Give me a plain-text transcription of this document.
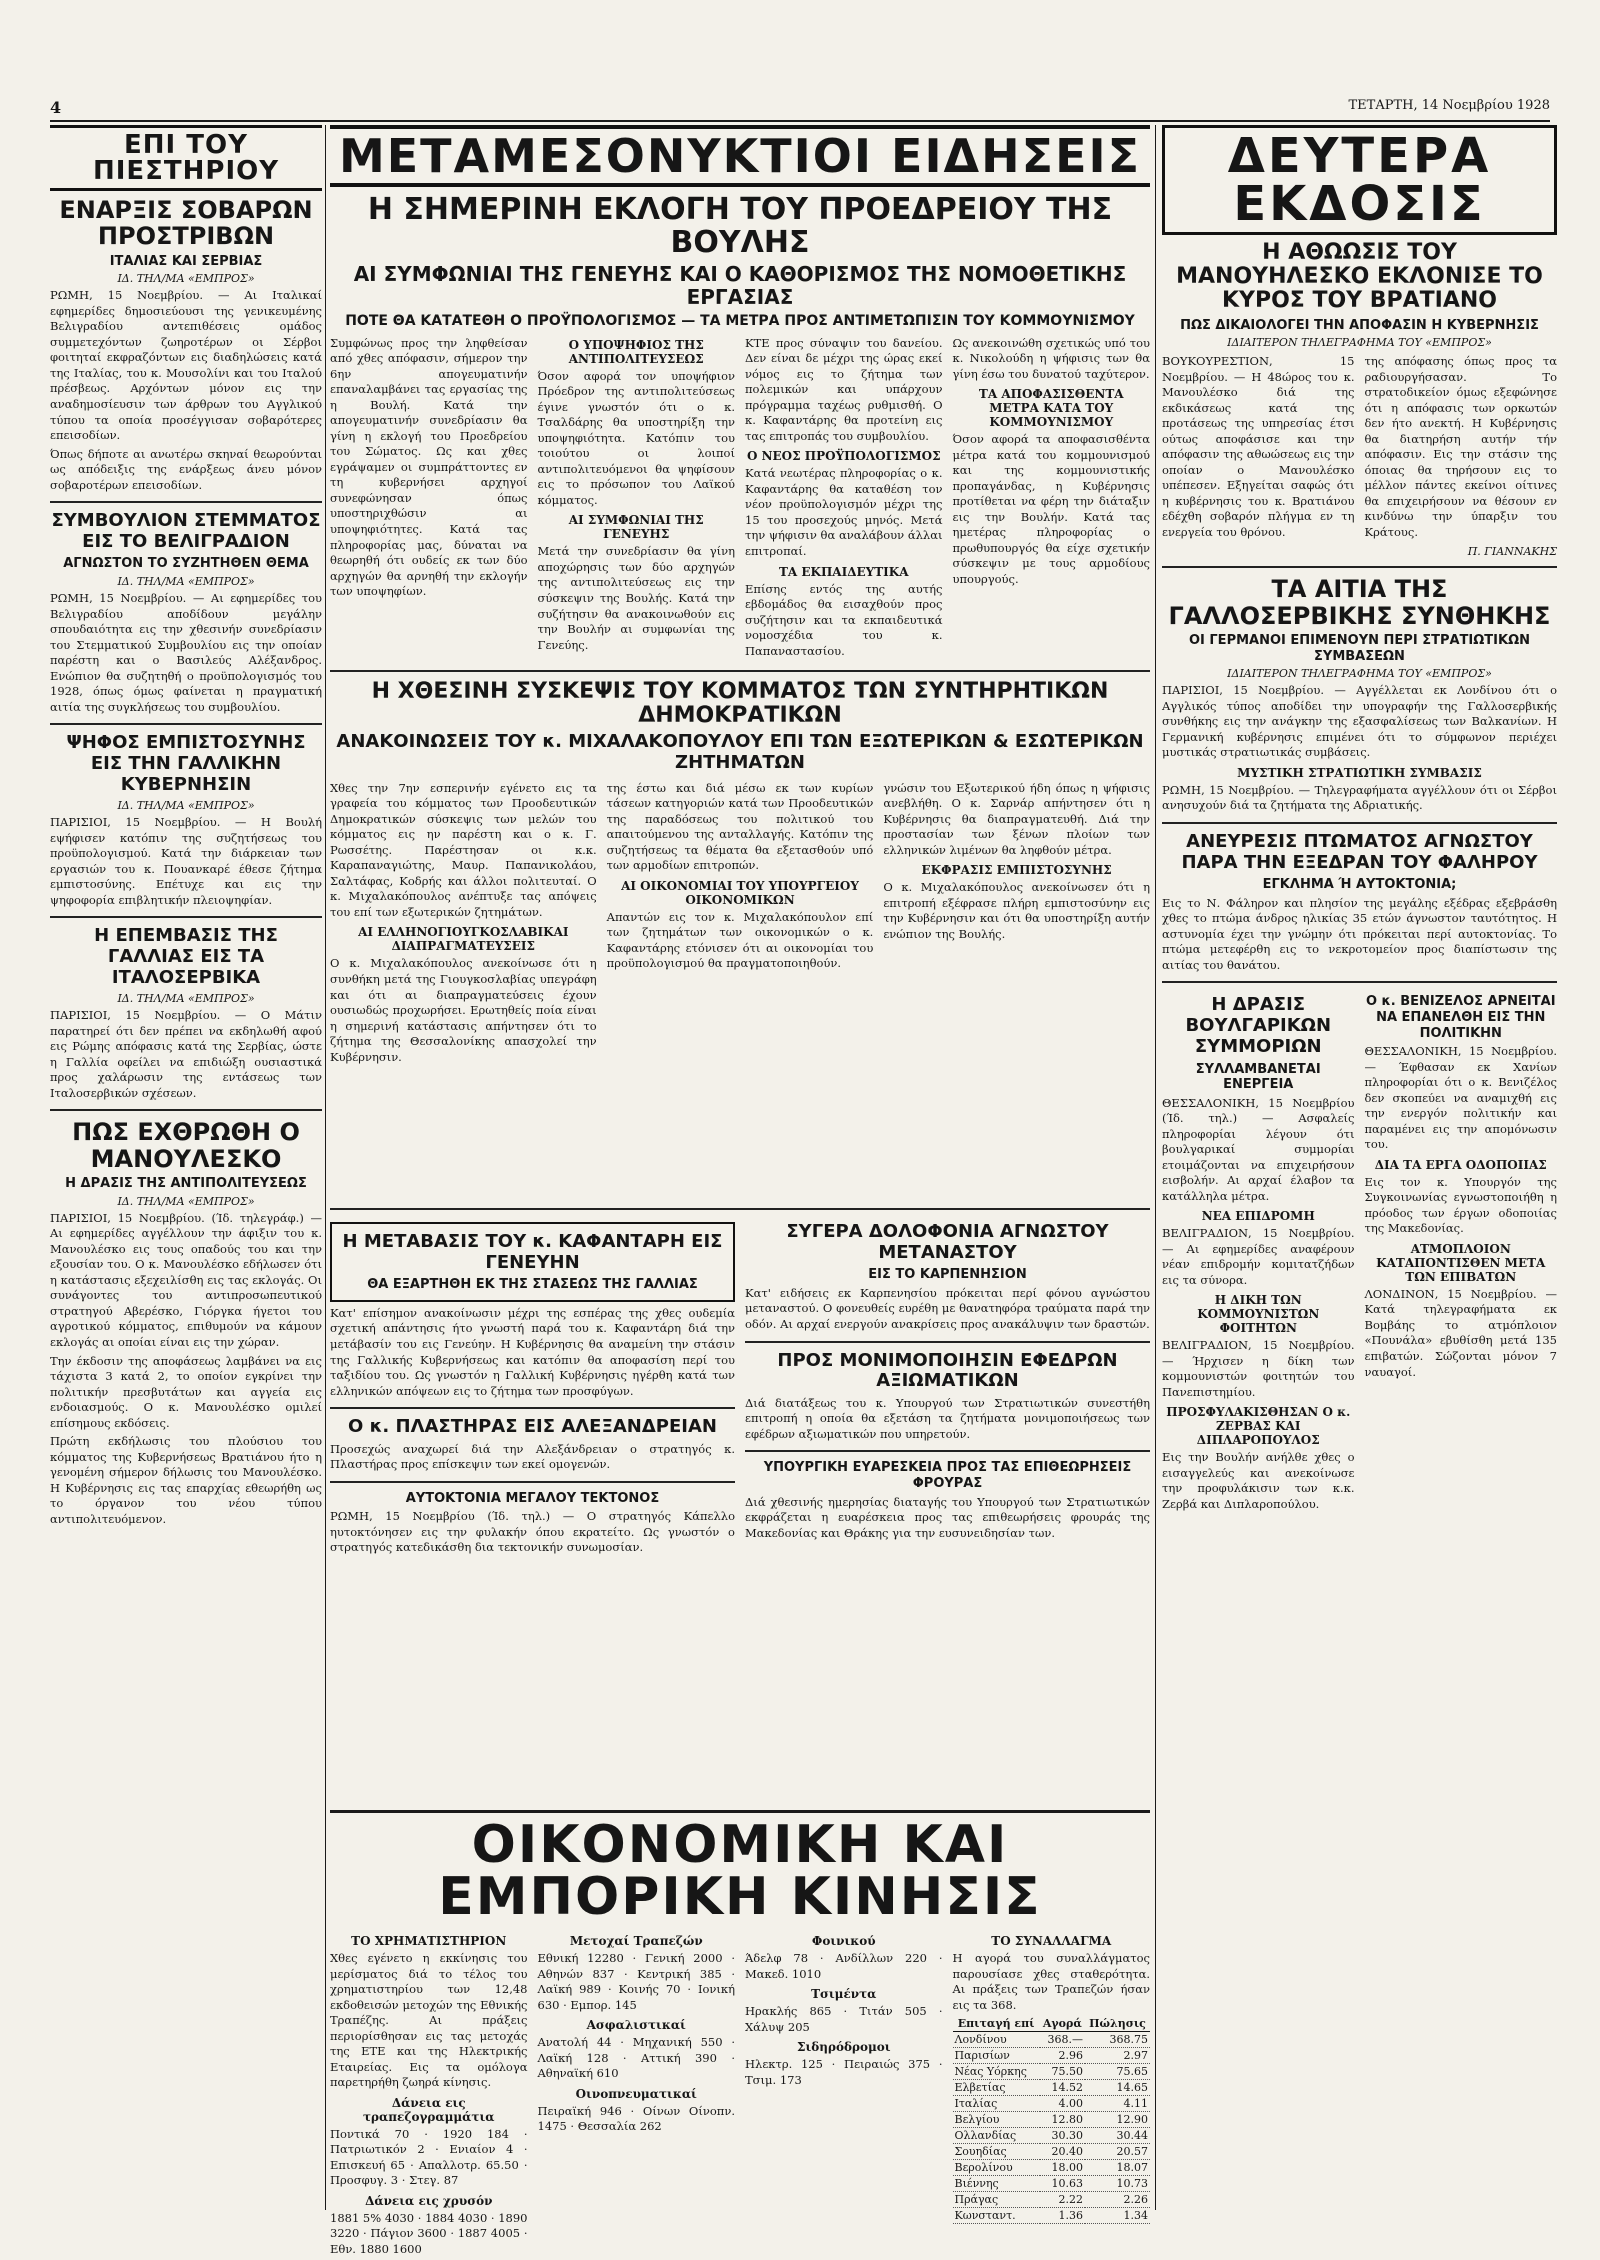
4	ΤΕΤΑΡΤΗ, 14 Νοεμβρίου 1928
ΕΠΙ ΤΟΥ ΠΙΕΣΤΗΡΙΟΥ
ΕΝΑΡΞΙΣ ΣΟΒΑΡΩΝ ΠΡΟΣΤΡΙΒΩΝ
ΙΤΑΛΙΑΣ ΚΑΙ ΣΕΡΒΙΑΣ
ΙΔ. ΤΗΛ/ΜΑ «ΕΜΠΡΟΣ»
ΡΩΜΗ, 15 Νοεμβρίου. — Αι Ιταλικαί εφημερίδες δημοσιεύουσι της γενικευμένης Βελιγραδίου αντεπιθέσεις ομάδος συμμετεχόντων ζωηροτέρων οι Σέρβοι φοιτηταί εκφραζόντων εις διαδηλώσεις κατά της Ιταλίας, του κ. Μουσολίνι και του Ιταλού πρέσβεως. Αρχόντων μόνον εις την αναδημοσίευσιν των άρθρων του Αγγλικού τύπου τα οποία προσέγγισαν σοβαρότερες επεισοδίων.
Όπως δήποτε αι ανωτέρω σκηναί θεωρούνται ως απόδειξις της ενάρξεως άνευ μόνον σοβαροτέρων επεισοδίων.
ΣΥΜΒΟΥΛΙΟΝ ΣΤΕΜΜΑΤΟΣ ΕΙΣ ΤΟ ΒΕΛΙΓΡΑΔΙΟΝ
ΑΓΝΩΣΤΟΝ ΤΟ ΣΥΖΗΤΗΘΕΝ ΘΕΜΑ
ΙΔ. ΤΗΛ/ΜΑ «ΕΜΠΡΟΣ»
ΡΩΜΗ, 15 Νοεμβρίου. — Αι εφημερίδες του Βελιγραδίου αποδίδουν μεγάλην σπουδαιότητα εις την χθεσινήν συνεδρίασιν του Στεμματικού Συμβουλίου εις την οποίαν παρέστη και ο Βασιλεύς Αλέξανδρος. Ενώπιον θα συζητηθή ο προϋπολογισμός του 1928, όπως όμως φαίνεται η πραγματική αιτία της συγκλήσεως του συμβουλίου.
ΨΗΦΟΣ ΕΜΠΙΣΤΟΣΥΝΗΣ ΕΙΣ ΤΗΝ ΓΑΛΛΙΚΗΝ ΚΥΒΕΡΝΗΣΙΝ
ΙΔ. ΤΗΛ/ΜΑ «ΕΜΠΡΟΣ»
ΠΑΡΙΣΙΟΙ, 15 Νοεμβρίου. — Η Βουλή εψήφισεν κατόπιν της συζητήσεως του προϋπολογισμού. Κατά την διάρκειαν των εργασιών του κ. Πουανκαρέ έθεσε ζήτημα εμπιστοσύνης. Επέτυχε και εις την ψηφοφορία επιβλητικήν πλειοψηφίαν.
Η ΕΠΕΜΒΑΣΙΣ ΤΗΣ ΓΑΛΛΙΑΣ ΕΙΣ ΤΑ ΙΤΑΛΟΣΕΡΒΙΚΑ
ΙΔ. ΤΗΛ/ΜΑ «ΕΜΠΡΟΣ»
ΠΑΡΙΣΙΟΙ, 15 Νοεμβρίου. — Ο Μάτιν παρατηρεί ότι δεν πρέπει να εκδηλωθή αφού εις Ρώμης απόφασις κατά της Σερβίας, ώστε η Γαλλία οφείλει να επιδιώξη ουσιαστικά προς χαλάρωσιν της εντάσεως των Ιταλοσερβικών σχέσεων.
ΠΩΣ ΕΧΘΡΩΘΗ Ο ΜΑΝΟΥΛΕΣΚΟ
Η ΔΡΑΣΙΣ ΤΗΣ ΑΝΤΙΠΟΛΙΤΕΥΣΕΩΣ
ΙΔ. ΤΗΛ/ΜΑ «ΕΜΠΡΟΣ»
ΠΑΡΙΣΙΟΙ, 15 Νοεμβρίου. (Ίδ. τηλεγράφ.) — Αι εφημερίδες αγγέλλουν την άφιξιν του κ. Μανουλέσκο εις τους οπαδούς του και την εξουσίαν του. Ο κ. Μανουλέσκο εδήλωσεν ότι η κατάστασις εξεχειλίσθη εις τας εκλογάς. Οι συνάγοντες του αντιπροσωπευτικού στρατηγού Αβερέσκο, Γιόργκα ήγετοι του αγροτικού κόμματος, επιθυμούν να κάμουν εκλογάς αι οποίαι είναι εις την χώραν.
Την έκδοσιν της αποφάσεως λαμβάνει να εις τάχιστα 3 κατά 2, το οποίον εγκρίνει την πολιτικήν πρεσβυτάτων και αγγεία εις ενδοιασμούς. Ο κ. Μανουλέσκο ομιλεί επίσημους εκδόσεις.
Πρώτη εκδήλωσις του πλούσιου του κόμματος της Κυβερνήσεως Βρατιάνου ήτο η γενομένη σήμερον δήλωσις του Μανουλέσκο. Η Κυβέρνησις εις τας επαρχίας εθεωρήθη ως το όργανον του νέου τύπου αντιπολιτευόμενον.
ΜΕΤΑΜΕΣΟΝΥΚΤΙΟΙ ΕΙΔΗΣΕΙΣ
Η ΣΗΜΕΡΙΝΗ ΕΚΛΟΓΗ ΤΟΥ ΠΡΟΕΔΡΕΙΟΥ ΤΗΣ ΒΟΥΛΗΣ
ΑΙ ΣΥΜΦΩΝΙΑΙ ΤΗΣ ΓΕΝΕΥΗΣ ΚΑΙ Ο ΚΑΘΟΡΙΣΜΟΣ ΤΗΣ ΝΟΜΟΘΕΤΙΚΗΣ ΕΡΓΑΣΙΑΣ
ΠΟΤΕ ΘΑ ΚΑΤΑΤΕΘΗ Ο ΠΡΟΫΠΟΛΟΓΙΣΜΟΣ — ΤΑ ΜΕΤΡΑ ΠΡΟΣ ΑΝΤΙΜΕΤΩΠΙΣΙΝ ΤΟΥ ΚΟΜΜΟΥΝΙΣΜΟΥ
Συμφώνως προς την ληφθείσαν από χθες απόφασιν, σήμερον την 6ην απογευματινήν επαναλαμβάνει τας εργασίας της η Βουλή. Κατά την απογευματινήν συνεδρίασιν θα γίνη η εκλογή του Προεδρείου του Σώματος. Ως και χθες εγράψαμεν οι συμπράττοντες εν τη κυβερνήσει αρχηγοί συνεφώνησαν όπως υποστηριχθώσιν αι υποψηφιότητες. Κατά τας πληροφορίας μας, δύναται να θεωρηθή ότι ουδείς εκ των δύο αρχηγών θα αρνηθή την εκλογήν των υποψηφίων.
Ο ΥΠΟΨΗΦΙΟΣ ΤΗΣ ΑΝΤΙΠΟΛΙΤΕΥΣΕΩΣ
Όσον αφορά τον υποψήφιον Πρόεδρον της αντιπολιτεύσεως έγινε γνωστόν ότι ο κ. Τσαλδάρης θα υποστηρίξη την υποψηφιότητα. Κατόπιν του τοιούτου οι λοιποί αντιπολιτευόμενοι θα ψηφίσουν εις το πρόσωπον του Λαϊκού κόμματος.
ΑΙ ΣΥΜΦΩΝΙΑΙ ΤΗΣ ΓΕΝΕΥΗΣ
Μετά την συνεδρίασιν θα γίνη αποχώρησις των δύο αρχηγών της αντιπολιτεύσεως εις την σύσκεψιν της Βουλής. Κατά την συζήτησιν θα ανακοινωθούν εις την Βουλήν αι συμφωνίαι της Γενεύης.
ΚΤΕ προς σύναψιν του δανείου. Δεν είναι δε μέχρι της ώρας εκεί νόμος εις το ζήτημα των πολεμικών και υπάρχουν πρόγραμμα ταχέως ρυθμισθή. Ο κ. Καφαντάρης θα προτείνη εις τας επιτροπάς του συμβουλίου.
Ο ΝΕΟΣ ΠΡΟΫΠΟΛΟΓΙΣΜΟΣ
Κατά νεωτέρας πληροφορίας ο κ. Καφαντάρης θα καταθέση τον νέον προϋπολογισμόν μέχρι της 15 του προσεχούς μηνός. Μετά την ψήφισιν θα αναλάβουν άλλαι επιτροπαί.
ΤΑ ΕΚΠΑΙΔΕΥΤΙΚΑ
Επίσης εντός της αυτής εβδομάδος θα εισαχθούν προς συζήτησιν και τα εκπαιδευτικά νομοσχέδια του κ. Παπαναστασίου.
Ως ανεκοινώθη σχετικώς υπό του κ. Νικολούδη η ψήφισις των θα γίνη έσω του δυνατού ταχύτερον.
ΤΑ ΑΠΟΦΑΣΙΣΘΕΝΤΑ ΜΕΤΡΑ ΚΑΤΑ ΤΟΥ ΚΟΜΜΟΥΝΙΣΜΟΥ
Όσον αφορά τα αποφασισθέντα μέτρα κατά του κομμουνισμού και της κομμουνιστικής προπαγάνδας, η Κυβέρνησις προτίθεται να φέρη την διάταξιν εις την Βουλήν. Κατά τας ημετέρας πληροφορίας ο πρωθυπουργός θα είχε σχετικήν σύσκεψιν με τους αρμοδίους υπουργούς.
Η ΧΘΕΣΙΝΗ ΣΥΣΚΕΨΙΣ ΤΟΥ ΚΟΜΜΑΤΟΣ ΤΩΝ ΣΥΝΤΗΡΗΤΙΚΩΝ ΔΗΜΟΚΡΑΤΙΚΩΝ
ΑΝΑΚΟΙΝΩΣΕΙΣ ΤΟΥ κ. ΜΙΧΑΛΑΚΟΠΟΥΛΟΥ ΕΠΙ ΤΩΝ ΕΞΩΤΕΡΙΚΩΝ & ΕΣΩΤΕΡΙΚΩΝ ΖΗΤΗΜΑΤΩΝ
Χθες την 7ην εσπερινήν εγένετο εις τα γραφεία του κόμματος των Προοδευτικών Δημοκρατικών σύσκεψις των μελών του κόμματος εις ην παρέστη και ο κ. Γ. Ρωσσέτης. Παρέστησαν οι κ.κ. Καραπαναγιώτης, Μαυρ. Παπανικολάου, Σαλτάφας, Κοδρής και άλλοι πολιτευταί. Ο κ. Μιχαλακόπουλος ανέπτυξε τας απόψεις του επί των εξωτερικών ζητημάτων.
ΑΙ ΕΛΛΗΝΟΓΙΟΥΓΚΟΣΛΑΒΙΚΑΙ ΔΙΑΠΡΑΓΜΑΤΕΥΣΕΙΣ
Ο κ. Μιχαλακόπουλος ανεκοίνωσε ότι η συνθήκη μετά της Γιουγκοσλαβίας υπεγράφη και ότι αι διαπραγματεύσεις έχουν ουσιωδώς προχωρήσει. Ερωτηθείς ποία είναι η σημερινή κατάστασις απήντησεν ότι το ζήτημα της Θεσσαλονίκης απασχολεί την Κυβέρνησιν.
της έστω και διά μέσω εκ των κυρίων τάσεων κατηγοριών κατά των Προοδευτικών της παραδόσεως του πολιτικού του απαιτούμενου της ανταλλαγής. Κατόπιν της συζητήσεως τα θέματα θα εξετασθούν υπό των αρμοδίων επιτροπών.
ΑΙ ΟΙΚΟΝΟΜΙΑΙ ΤΟΥ ΥΠΟΥΡΓΕΙΟΥ ΟΙΚΟΝΟΜΙΚΩΝ
Απαντών εις τον κ. Μιχαλακόπουλον επί των ζητημάτων των οικονομικών ο κ. Καφαντάρης ετόνισεν ότι αι οικονομίαι του προϋπολογισμού θα πραγματοποιηθούν.
γνώσιν του Εξωτερικού ήδη όπως η ψήφισις ανεβλήθη. Ο κ. Σαρνάρ απήντησεν ότι η Κυβέρνησις θα διαπραγματευθή. Διά την προστασίαν των ξένων πλοίων των ελληνικών λιμένων θα ληφθούν μέτρα.
ΕΚΦΡΑΣΙΣ ΕΜΠΙΣΤΟΣΥΝΗΣ
Ο κ. Μιχαλακόπουλος ανεκοίνωσεν ότι η επιτροπή εξέφρασε πλήρη εμπιστοσύνην εις την Κυβέρνησιν και ότι θα υποστηρίξη αυτήν ενώπιον της Βουλής.
Η ΜΕΤΑΒΑΣΙΣ ΤΟΥ κ. ΚΑΦΑΝΤΑΡΗ ΕΙΣ ΓΕΝΕΥΗΝ
ΘΑ ΕΞΑΡΤΗΘΗ ΕΚ ΤΗΣ ΣΤΑΣΕΩΣ ΤΗΣ ΓΑΛΛΙΑΣ
Κατ' επίσημον ανακοίνωσιν μέχρι της εσπέρας της χθες ουδεμία σχετική απάντησις ήτο γνωστή παρά του κ. Καφαντάρη διά την μετάβασίν του εις Γενεύην. Η Κυβέρνησις θα αναμείνη την στάσιν της Γαλλικής Κυβερνήσεως και κατόπιν θα αποφασίση περί του ταξιδίου του. Ως γνωστόν η Γαλλική Κυβέρνησις ηγέρθη κατά των ελληνικών απόψεων εις το ζήτημα των προσφύγων.
Ο κ. ΠΛΑΣΤΗΡΑΣ ΕΙΣ ΑΛΕΞΑΝΔΡΕΙΑΝ
Προσεχώς αναχωρεί διά την Αλεξάνδρειαν ο στρατηγός κ. Πλαστήρας προς επίσκεψιν των εκεί ομογενών.
ΑΥΤΟΚΤΟΝΙΑ ΜΕΓΑΛΟΥ ΤΕΚΤΟΝΟΣ
ΡΩΜΗ, 15 Νοεμβρίου (Ίδ. τηλ.) — Ο στρατηγός Κάπελλο ηυτοκτόνησεν εις την φυλακήν όπου εκρατείτο. Ως γνωστόν ο στρατηγός κατεδικάσθη δια τεκτονικήν συνωμοσίαν.
ΣΥΓΕΡΑ ΔΟΛΟΦΟΝΙΑ ΑΓΝΩΣΤΟΥ ΜΕΤΑΝΑΣΤΟΥ
ΕΙΣ ΤΟ ΚΑΡΠΕΝΗΣΙΟΝ
Κατ' ειδήσεις εκ Καρπενησίου πρόκειται περί φόνου αγνώστου μεταναστού. Ο φονευθείς ευρέθη με θανατηφόρα τραύματα παρά την οδόν. Αι αρχαί ενεργούν ανακρίσεις προς ανακάλυψιν των δραστών.
ΠΡΟΣ ΜΟΝΙΜΟΠΟΙΗΣΙΝ ΕΦΕΔΡΩΝ ΑΞΙΩΜΑΤΙΚΩΝ
Διά διατάξεως του κ. Υπουργού των Στρατιωτικών συνεστήθη επιτροπή η οποία θα εξετάση τα ζητήματα μονιμοποιήσεως των εφέδρων αξιωματικών που υπηρετούν.
ΥΠΟΥΡΓΙΚΗ ΕΥΑΡΕΣΚΕΙΑ ΠΡΟΣ ΤΑΣ ΕΠΙΘΕΩΡΗΣΕΙΣ ΦΡΟΥΡΑΣ
Διά χθεσινής ημερησίας διαταγής του Υπουργού των Στρατιωτικών εκφράζεται η ευαρέσκεια προς τας επιθεωρήσεις φρουράς της Μακεδονίας και Θράκης για την ευσυνειδησίαν των.
ΔΕΥΤΕΡΑ ΕΚΔΟΣΙΣ
Η ΑΘΩΩΣΙΣ ΤΟΥ ΜΑΝΟΥΗΛΕΣΚΟ ΕΚΛΟΝΙΣΕ ΤΟ ΚΥΡΟΣ ΤΟΥ ΒΡΑΤΙΑΝΟ
ΠΩΣ ΔΙΚΑΙΟΛΟΓΕΙ ΤΗΝ ΑΠΟΦΑΣΙΝ Η ΚΥΒΕΡΝΗΣΙΣ
ΙΔΙΑΙΤΕΡΟΝ ΤΗΛΕΓΡΑΦΗΜΑ ΤΟΥ «ΕΜΠΡΟΣ»
ΒΟΥΚΟΥΡΕΣΤΙΟΝ, 15 Νοεμβρίου. — Η 48ώρος του κ. Μανουλέσκο διά της εκδικάσεως κατά της προτάσεως της υπηρεσίας έτσι ούτως αποφάσισε και την απόφασιν της αθωώσεως εις την οποίαν ο Μανουλέσκο υπέπεσεν. Εξηγείται σαφώς ότι η κυβέρνησις του κ. Βρατιάνου εδέχθη σοβαρόν πλήγμα εν τη ενεργεία του θρόνου.
της απόφασης όπως προς τα ραδιουργήσασαν. Το στρατοδικείον όμως εξεφώνησε ότι η απόφασις των ορκωτών δεν ήτο ανεκτή. Η Κυβέρνησις θα διατηρήση αυτήν τήν απόφασιν. Εις την στάσιν της όποιας θα τηρήσουν εις το μέλλον πάντες εκείνοι οίτινες θα επιχειρήσουν να θέσουν εν κινδύνω την ύπαρξιν του Κράτους.
Π. ΓΙΑΝΝΑΚΗΣ
ΤΑ ΑΙΤΙΑ ΤΗΣ ΓΑΛΛΟΣΕΡΒΙΚΗΣ ΣΥΝΘΗΚΗΣ
ΟΙ ΓΕΡΜΑΝΟΙ ΕΠΙΜΕΝΟΥΝ ΠΕΡΙ ΣΤΡΑΤΙΩΤΙΚΩΝ ΣΥΜΒΑΣΕΩΝ
ΙΔΙΑΙΤΕΡΟΝ ΤΗΛΕΓΡΑΦΗΜΑ ΤΟΥ «ΕΜΠΡΟΣ»
ΠΑΡΙΣΙΟΙ, 15 Νοεμβρίου. — Αγγέλλεται εκ Λονδίνου ότι ο Αγγλικός τύπος αποδίδει την υπογραφήν της Γαλλοσερβικής συνθήκης εις την ανάγκην της εξασφαλίσεως των Βαλκανίων. Η Γερμανική κυβέρνησις επιμένει ότι το σύμφωνον περιέχει μυστικάς στρατιωτικάς συμβάσεις.
ΜΥΣΤΙΚΗ ΣΤΡΑΤΙΩΤΙΚΗ ΣΥΜΒΑΣΙΣ
ΡΩΜΗ, 15 Νοεμβρίου. — Τηλεγραφήματα αγγέλλουν ότι οι Σέρβοι ανησυχούν διά τα ζητήματα της Αδριατικής.
ΑΝΕΥΡΕΣΙΣ ΠΤΩΜΑΤΟΣ ΑΓΝΩΣΤΟΥ ΠΑΡΑ ΤΗΝ ΕΞΕΔΡΑΝ ΤΟΥ ΦΑΛΗΡΟΥ
ΕΓΚΛΗΜΑ Ή ΑΥΤΟΚΤΟΝΙΑ;
Εις το Ν. Φάληρον και πλησίον της μεγάλης εξέδρας εξεβράσθη χθες το πτώμα άνδρος ηλικίας 35 ετών άγνωστον ταυτότητος. Η αστυνομία έχει την γνώμην ότι πρόκειται περί αυτοκτονίας. Το πτώμα μετεφέρθη εις το νεκροτομείον προς διαπίστωσιν της αιτίας του θανάτου.
Η ΔΡΑΣΙΣ ΒΟΥΛΓΑΡΙΚΩΝ ΣΥΜΜΟΡΙΩΝ
ΣΥΛΛΑΜΒΑΝΕΤΑΙ ΕΝΕΡΓΕΙΑ
ΘΕΣΣΑΛΟΝΙΚΗ, 15 Νοεμβρίου (Ίδ. τηλ.) — Ασφαλείς πληροφορίαι λέγουν ότι βουλγαρικαί συμμορίαι ετοιμάζονται να επιχειρήσουν εισβολήν. Αι αρχαί έλαβον τα κατάλληλα μέτρα.
ΝΕΑ ΕΠΙΔΡΟΜΗ
ΒΕΛΙΓΡΑΔΙΟΝ, 15 Νοεμβρίου. — Αι εφημερίδες αναφέρουν νέαν επιδρομήν κομιτατζήδων εις τα σύνορα.
Η ΔΙΚΗ ΤΩΝ ΚΟΜΜΟΥΝΙΣΤΩΝ ΦΟΙΤΗΤΩΝ
ΒΕΛΙΓΡΑΔΙΟΝ, 15 Νοεμβρίου. — Ήρχισεν η δίκη των κομμουνιστών φοιτητών του Πανεπιστημίου.
ΠΡΟΣΦΥΛΑΚΙΣΘΗΣΑΝ Ο κ. ΖΕΡΒΑΣ ΚΑΙ ΔΙΠΛΑΡΟΠΟΥΛΟΣ
Εις την Βουλήν ανήλθε χθες ο εισαγγελεύς και ανεκοίνωσε την προφυλάκισιν των κ.κ. Ζερβά και Διπλαροπούλου.
Ο κ. ΒΕΝΙΖΕΛΟΣ ΑΡΝΕΙΤΑΙ ΝΑ ΕΠΑΝΕΛΘΗ ΕΙΣ ΤΗΝ ΠΟΛΙΤΙΚΗΝ
ΘΕΣΣΑΛΟΝΙΚΗ, 15 Νοεμβρίου. — Έφθασαν εκ Χανίων πληροφορίαι ότι ο κ. Βενιζέλος δεν σκοπεύει να αναμιχθή εις την ενεργόν πολιτικήν και παραμένει εις την απομόνωσιν του.
ΔΙΑ ΤΑ ΕΡΓΑ ΟΔΟΠΟΙΙΑΣ
Εις τον κ. Υπουργόν της Συγκοινωνίας εγνωστοποιήθη η πρόοδος των έργων οδοποιίας της Μακεδονίας.
ΑΤΜΟΠΛΟΙΟΝ ΚΑΤΑΠΟΝΤΙΣΘΕΝ ΜΕΤΑ ΤΩΝ ΕΠΙΒΑΤΩΝ
ΛΟΝΔΙΝΟΝ, 15 Νοεμβρίου. — Κατά τηλεγραφήματα εκ Βομβάης το ατμόπλοιον «Πουνάλα» εβυθίσθη μετά 135 επιβατών. Σώζονται μόνον 7 ναυαγοί.
ΟΙΚΟΝΟΜΙΚΗ ΚΑΙ ΕΜΠΟΡΙΚΗ ΚΙΝΗΣΙΣ
ΤΟ ΧΡΗΜΑΤΙΣΤΗΡΙΟΝ
Χθες εγένετο η εκκίνησις του μερίσματος διά το τέλος του χρηματιστηρίου των 12,48 εκδοθεισών μετοχών της Εθνικής Τραπέζης. Αι πράξεις περιορίσθησαν εις τας μετοχάς της ΕΤΕ και της Ηλεκτρικής Εταιρείας. Εις τα ομόλογα παρετηρήθη ζωηρά κίνησις.
Δάνεια εις τραπεζογραμμάτια
Ποντικά 70 · 1920 184 · Πατριωτικόν 2 · Ενιαίον 4 · Επισκευή 65 · Απαλλοτρ. 65.50 · Προσφυγ. 3 · Στεγ. 87
Δάνεια εις χρυσόν
1881 5% 4030 · 1884 4030 · 1890 3220 · Πάγιον 3600 · 1887 4005 · Εθν. 1880 1600
Μετοχαί Τραπεζών
Εθνική 12280 · Γενική 2000 · Αθηνών 837 · Κεντρική 385 · Λαϊκή 989 · Κοινής 70 · Ιονική 630 · Εμπορ. 145
Ασφαλιστικαί
Ανατολή 44 · Μηχανική 550 · Λαϊκή 128 · Αττική 390 · Αθηναϊκή 610
Οινοπνευματικαί
Πειραϊκή 946 · Οίνων Οίνοπν. 1475 · Θεσσαλία 262
Φοινικού
Άδελφ 78 · Ανδίλλων 220 · Μακεδ. 1010
Τσιμέντα
Ηρακλής 865 · Τιτάν 505 · Χάλυψ 205
Σιδηρόδρομοι
Ηλεκτρ. 125 · Πειραιώς 375 · Τσιμ. 173
ΤΟ ΣΥΝΑΛΛΑΓΜΑ
Η αγορά του συναλλάγματος παρουσίασε χθες σταθερότητα. Αι πράξεις των Τραπεζών ήσαν εις τα 368.
Επιταγή επί	Αγορά	Πώλησις
Λονδίνου	368.—	368.75
Παρισίων	2.96	2.97
Νέας Υόρκης	75.50	75.65
Ελβετίας	14.52	14.65
Ιταλίας	4.00	4.11
Βελγίου	12.80	12.90
Ολλανδίας	30.30	30.44
Σουηδίας	20.40	20.57
Βερολίνου	18.00	18.07
Βιέννης	10.63	10.73
Πράγας	2.22	2.26
Κωνσταντ.	1.36	1.34
